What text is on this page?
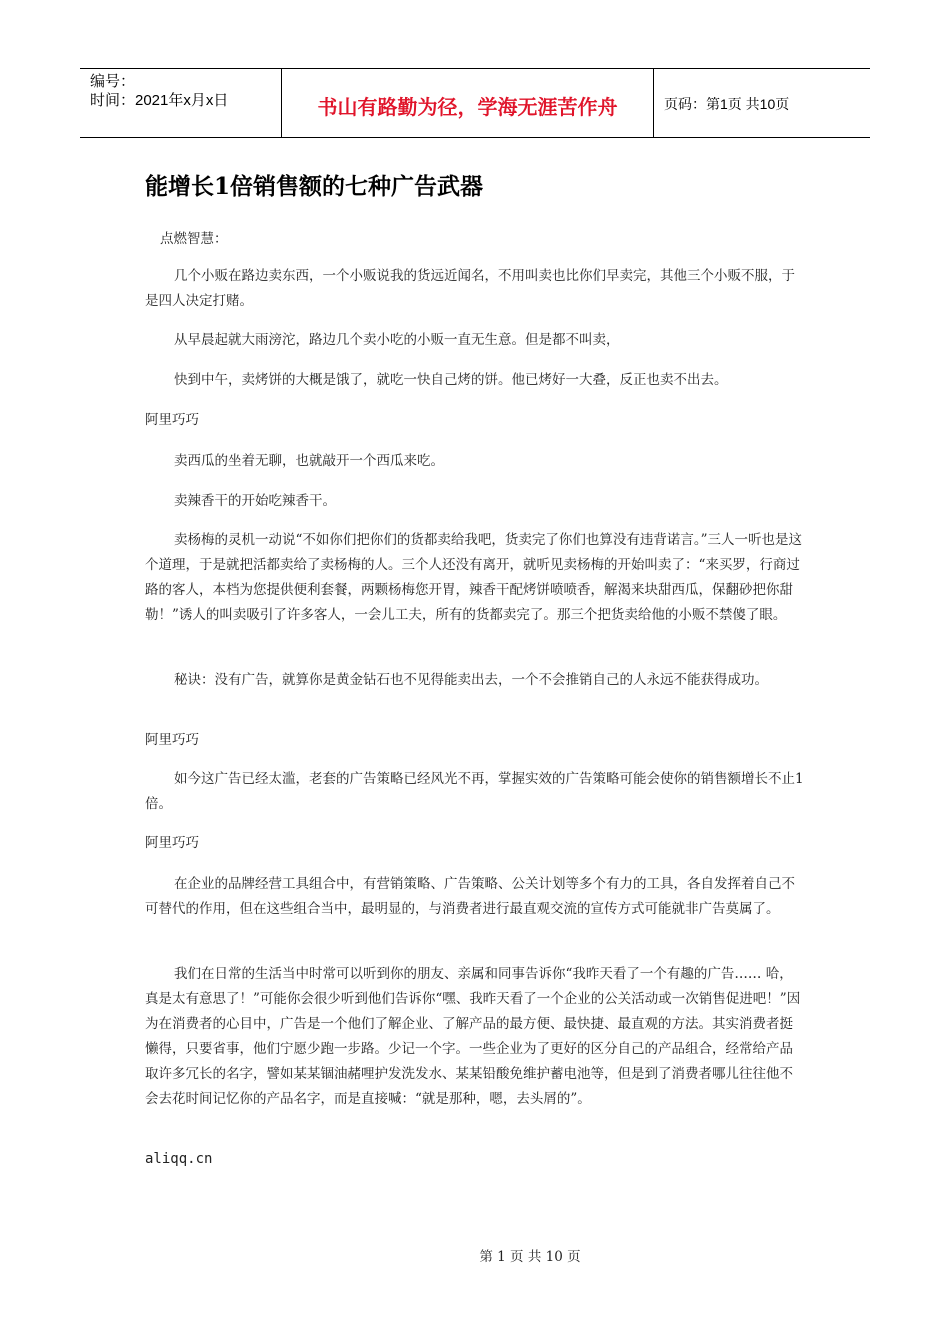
编号：
时间：2021年x月x日	书山有路勤为径，学海无涯苦作舟	页码：第1页 共10页
能增长1倍销售额的七种广告武器
点燃智慧：
几个小贩在路边卖东西，一个小贩说我的货远近闻名，不用叫卖也比你们早卖完，其他三个小贩不服，于是四人决定打赌。
从早晨起就大雨滂沱，路边几个卖小吃的小贩一直无生意。但是都不叫卖，
快到中午，卖烤饼的大概是饿了，就吃一快自己烤的饼。他已烤好一大叠，反正也卖不出去。
阿里巧巧
卖西瓜的坐着无聊，也就敲开一个西瓜来吃。
卖辣香干的开始吃辣香干。
卖杨梅的灵机一动说“不如你们把你们的货都卖给我吧，货卖完了你们也算没有违背诺言。”三人一听也是这个道理，于是就把活都卖给了卖杨梅的人。三个人还没有离开，就听见卖杨梅的开始叫卖了：“来买罗，行商过路的客人，本档为您提供便利套餐，两颗杨梅您开胃，辣香干配烤饼喷喷香，解渴来块甜西瓜，保翻砂把你甜勒！”诱人的叫卖吸引了许多客人，一会儿工夫，所有的货都卖完了。那三个把货卖给他的小贩不禁傻了眼。
秘诀：没有广告，就算你是黄金钻石也不见得能卖出去，一个不会推销自己的人永远不能获得成功。
阿里巧巧
如今这广告已经太滥，老套的广告策略已经风光不再，掌握实效的广告策略可能会使你的销售额增长不止1倍。
阿里巧巧
在企业的品牌经营工具组合中，有营销策略、广告策略、公关计划等多个有力的工具，各自发挥着自己不可替代的作用，但在这些组合当中，最明显的，与消费者进行最直观交流的宣传方式可能就非广告莫属了。
我们在日常的生活当中时常可以听到你的朋友、亲属和同事告诉你“我昨天看了一个有趣的广告…… 哈，真是太有意思了！”可能你会很少听到他们告诉你“嘿、我昨天看了一个企业的公关活动或一次销售促进吧！”因为在消费者的心目中，广告是一个他们了解企业、了解产品的最方便、最快捷、最直观的方法。其实消费者挺懒得，只要省事，他们宁愿少跑一步路。少记一个字。一些企业为了更好的区分自己的产品组合，经常给产品取许多冗长的名字，譬如某某锢油赭哩护发洗发水、某某铅酸免维护蓄电池等，但是到了消费者哪儿往往他不会去花时间记忆你的产品名字，而是直接喊：“就是那种，嗯，去头屑的”。
aliqq.cn
第 1 页 共 10 页
